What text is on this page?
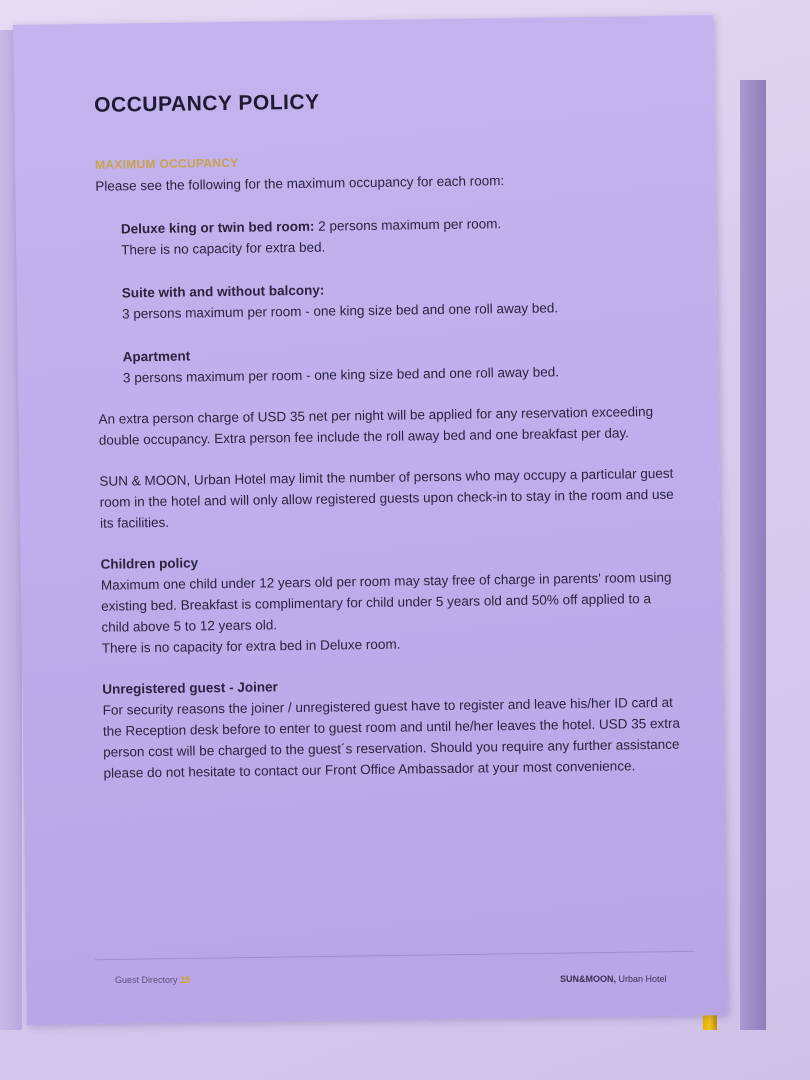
OCCUPANCY POLICY
MAXIMUM OCCUPANCY

Please see the following for the maximum occupancy for each room:

Deluxe king or twin bed room: 2 persons maximum per room.

There is no capacity for extra bed.

Suite with and without balcony:

3 persons maximum per room - one king size bed and one roll away bed.

Apartment

3 persons maximum per room - one king size bed and one roll away bed.

An extra person charge of USD 35 net per night will be applied for any reservation exceeding double occupancy. Extra person fee include the roll away bed and one breakfast per day.

SUN & MOON, Urban Hotel may limit the number of persons who may occupy a particular guest room in the hotel and will only allow registered guests upon check-in to stay in the room and use its facilities.

Children policy

Maximum one child under 12 years old per room may stay free of charge in parents' room using existing bed. Breakfast is complimentary for child under 5 years old and 50% off applied to a child above 5 to 12 years old.

There is no capacity for extra bed in Deluxe room.

Unregistered guest - Joiner

For security reasons the joiner / unregistered guest have to register and leave his/her ID card at the Reception desk before to enter to guest room and until he/her leaves the hotel. USD 35 extra person cost will be charged to the guest´s reservation. Should you require any further assistance please do not hesitate to contact our Front Office Ambassador at your most convenience.

Guest Directory 15	SUN&MOON, Urban Hotel
